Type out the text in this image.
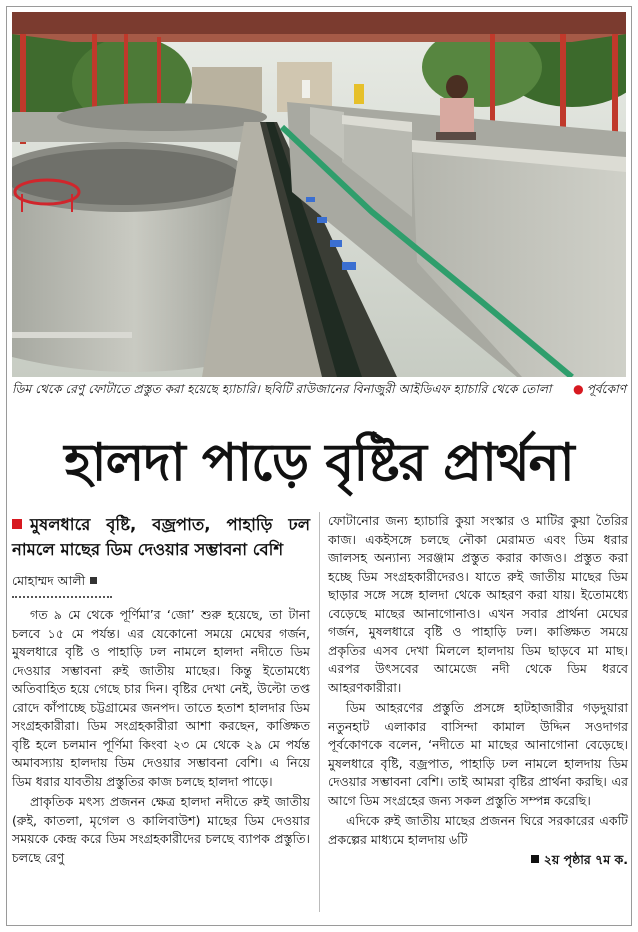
ডিম থেকে রেণু ফোটাতে প্রস্তুত করা হয়েছে হ্যাচারি। ছবিটি রাউজানের বিনাজুরী আইডিএফ হ্যাচারি থেকে তোলা ● পূর্বকোণ
হালদা পাড়ে বৃষ্টির প্রার্থনা
মুষলধারে বৃষ্টি, বজ্রপাত, পাহাড়ি ঢল নামলে মাছের ডিম দেওয়ার সম্ভাবনা বেশি
মোহাম্মদ আলী

গত ৯ মে থেকে পূর্ণিমা’র ‘জো’ শুরু হয়েছে, তা টানা চলবে ১৫ মে পর্যন্ত। এর যেকোনো সময়ে মেঘের গর্জন, মুষলধারে বৃষ্টি ও পাহাড়ি ঢল নামলে হালদা নদীতে ডিম দেওয়ার সম্ভাবনা রুই জাতীয় মাছের। কিন্তু ইতোমধ্যে অতিবাহিত হয়ে গেছে চার দিন। বৃষ্টির দেখা নেই, উল্টো তপ্ত রোদে কাঁপাচ্ছে চট্টগ্রামের জনপদ। তাতে হতাশ হালদার ডিম সংগ্রহকারীরা। ডিম সংগ্রহকারীরা আশা করছেন, কাঙ্ক্ষিত বৃষ্টি হলে চলমান পূর্ণিমা কিংবা ২৩ মে থেকে ২৯ মে পর্যন্ত অমাবস্যায় হালদায় ডিম দেওয়ার সম্ভাবনা বেশি। এ নিয়ে ডিম ধরার যাবতীয় প্রস্তুতির কাজ চলছে হালদা পাড়ে।

প্রাকৃতিক মৎস্য প্রজনন ক্ষেত্র হালদা নদীতে রুই জাতীয় (রুই, কাতলা, মৃগেল ও কালিবাউশ) মাছের ডিম দেওয়ার সময়কে কেন্দ্র করে ডিম সংগ্রহকারীদের চলছে ব্যাপক প্রস্তুতি। চলছে রেণু

ফোটানোর জন্য হ্যাচারি কুয়া সংস্কার ও মাটির কুয়া তৈরির কাজ। একইসঙ্গে চলছে নৌকা মেরামত এবং ডিম ধরার জালসহ অন্যান্য সরঞ্জাম প্রস্তুত করার কাজও। প্রস্তুত করা হচ্ছে ডিম সংগ্রহকারীদেরও। যাতে রুই জাতীয় মাছের ডিম ছাড়ার সঙ্গে সঙ্গে হালদা থেকে আহরণ করা যায়। ইতোমধ্যে বেড়েছে মাছের আনাগোনাও। এখন সবার প্রার্থনা মেঘের গর্জন, মুষলধারে বৃষ্টি ও পাহাড়ি ঢল। কাঙ্ক্ষিত সময়ে প্রকৃতির এসব দেখা মিললে হালদায় ডিম ছাড়বে মা মাছ। এরপর উৎসবের আমেজে নদী থেকে ডিম ধরবে আহরণকারীরা।

ডিম আহরণের প্রস্তুতি প্রসঙ্গে হাটহাজারীর গড়দুয়ারা নতুনহাট এলাকার বাসিন্দা কামাল উদ্দিন সওদাগর পূর্বকোণকে বলেন, ‘নদীতে মা মাছের আনাগোনা বেড়েছে। মুষলধারে বৃষ্টি, বজ্রপাত, পাহাড়ি ঢল নামলে হালদায় ডিম দেওয়ার সম্ভাবনা বেশি। তাই আমরা বৃষ্টির প্রার্থনা করছি। এর আগে ডিম সংগ্রহের জন্য সকল প্রস্তুতি সম্পন্ন করেছি।

এদিকে রুই জাতীয় মাছের প্রজনন ঘিরে সরকারের একটি প্রকল্পের মাধ্যমে হালদায় ৬টি

২য় পৃষ্ঠার ৭ম ক.
